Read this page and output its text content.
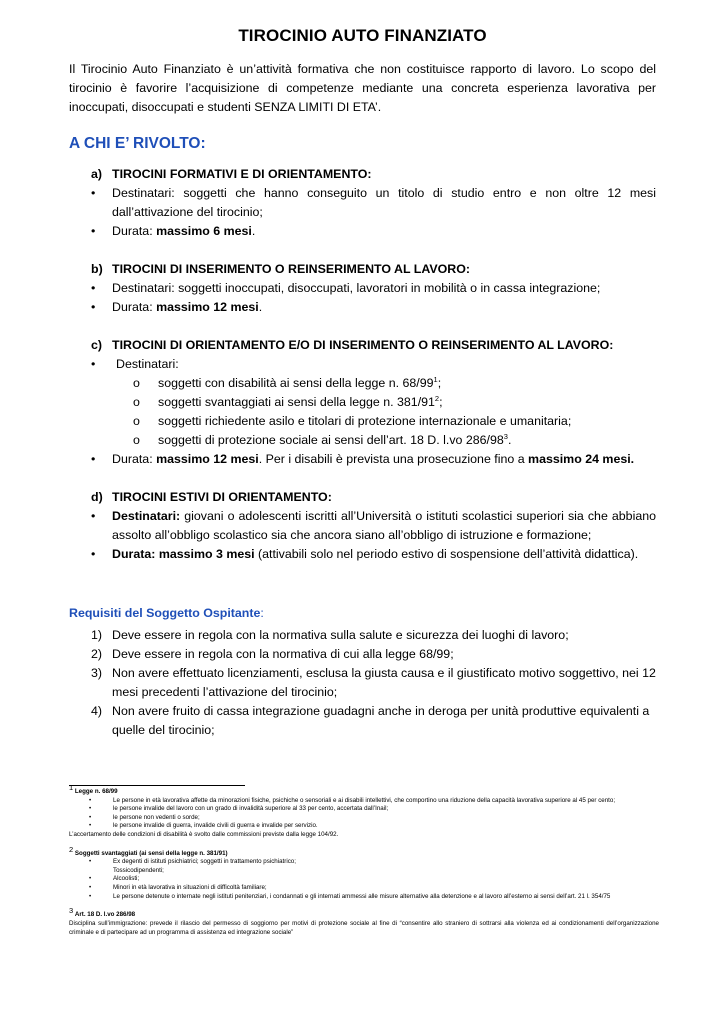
TIROCINIO AUTO FINANZIATO

Il Tirocinio Auto Finanziato è un’attività formativa che non costituisce rapporto di lavoro. Lo scopo del tirocinio è favorire l’acquisizione di competenze mediante una concreta esperienza lavorativa per inoccupati, disoccupati e studenti SENZA LIMITI DI ETA’.

A CHI E’ RIVOLTO:
a) TIROCINI FORMATIVI E DI ORIENTAMENTO:
•	Destinatari: soggetti che hanno conseguito un titolo di studio entro e non oltre 12 mesi dall’attivazione del tirocinio;
•	Durata: massimo 6 mesi.
b) TIROCINI DI INSERIMENTO O REINSERIMENTO AL LAVORO:
•	Destinatari: soggetti inoccupati, disoccupati, lavoratori in mobilità o in cassa integrazione;
•	Durata: massimo 12 mesi.
c) TIROCINI DI ORIENTAMENTO E/O DI INSERIMENTO O REINSERIMENTO AL LAVORO:
•	Destinatari:
o	soggetti con disabilità ai sensi della legge n. $68/99^1$;
o	soggetti svantaggiati ai sensi della legge n. $381/91^2$;
o	soggetti richiedente asilo e titolari di protezione internazionale e umanitaria;
o	soggetti di protezione sociale ai sensi dell’art. 18 D. l.vo $286/98^3$.
•	Durata: massimo 12 mesi. Per i disabili è prevista una prosecuzione fino a massimo 24 mesi.
d) TIROCINI ESTIVI DI ORIENTAMENTO:
•	Destinatari: giovani o adolescenti iscritti all’Università o istituti scolastici superiori sia che abbiano assolto all’obbligo scolastico sia che ancora siano all’obbligo di istruzione e formazione;
•	Durata: massimo 3 mesi (attivabili solo nel periodo estivo di sospensione dell’attività didattica).
Requisiti del Soggetto Ospitante:
1) Deve essere in regola con la normativa sulla salute e sicurezza dei luoghi di lavoro;
2) Deve essere in regola con la normativa di cui alla legge 68/99;
3) Non avere effettuato licenziamenti, esclusa la giusta causa e il giustificato motivo soggettivo, nei 12 mesi precedenti l’attivazione del tirocinio;
4) Non avere fruito di cassa integrazione guadagni anche in deroga per unità produttive equivalenti a quelle del tirocinio;
$^1$ Legge n. 68/99
•	Le persone in età lavorativa affette da minorazioni fisiche, psichiche o sensoriali e ai disabili intellettivi, che comportino una riduzione della capacità lavorativa superiore al 45 per cento;
•	le persone invalide del lavoro con un grado di invalidità superiore al 33 per cento, accertata dall’Inail;
•	le persone non vedenti o sorde;
•	le persone invalide di guerra, invalide civili di guerra e invalide per servizio.
L’accertamento delle condizioni di disabilità è svolto dalle commissioni previste dalla legge 104/92.
$^2$ Soggetti svantaggiati (ai sensi della legge n. 381/91)
•	Ex degenti di istituti psichiatrici; soggetti in trattamento psichiatrico;
Tossicodipendenti;
•	Alcoolisti;
•	Minori in età lavorativa in situazioni di difficoltà familiare;
•	Le persone detenute o internate negli istituti penitenziari, i condannati e gli internati ammessi alle misure alternative alla detenzione e al lavoro all’esterno ai sensi dell’art. 21 l. 354/75
$^3$ Art. 18 D. l.vo 286/98
Disciplina sull’immigrazione: prevede il rilascio del permesso di soggiorno per motivi di protezione sociale al fine di “consentire allo straniero di sottrarsi alla violenza ed ai condizionamenti dell’organizzazione criminale e di partecipare ad un programma di assistenza ed integrazione sociale”
